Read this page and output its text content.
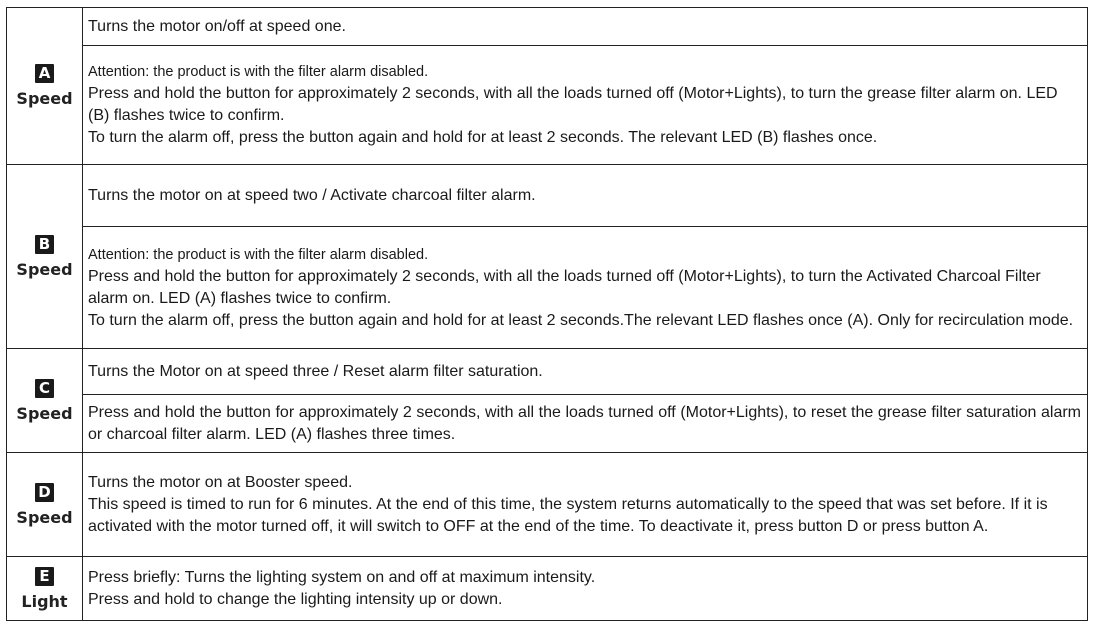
A
Speed
Turns the motor on/off at speed one.
Attention: the product is with the filter alarm disabled.
Press and hold the button for approximately 2 seconds, with all the loads turned off (Motor+Lights), to turn the grease filter alarm on. LED (B) flashes twice to confirm.
To turn the alarm off, press the button again and hold for at least 2 seconds. The relevant LED (B) flashes once.
B
Speed
Turns the motor on at speed two / Activate charcoal filter alarm.
Attention: the product is with the filter alarm disabled.
Press and hold the button for approximately 2 seconds, with all the loads turned off (Motor+Lights), to turn the Activated Charcoal Filter alarm on. LED (A) flashes twice to confirm.
To turn the alarm off, press the button again and hold for at least 2 seconds.The relevant LED flashes once (A). Only for recirculation mode.
C
Speed
Turns the Motor on at speed three / Reset alarm filter saturation.
Press and hold the button for approximately 2 seconds, with all the loads turned off (Motor+Lights), to reset the grease filter saturation alarm or charcoal filter alarm. LED (A) flashes three times.
D
Speed
Turns the motor on at Booster speed.
This speed is timed to run for 6 minutes. At the end of this time, the system returns automatically to the speed that was set before. If it is activated with the motor turned off, it will switch to OFF at the end of the time. To deactivate it, press button D or press button A.
E
Light
Press briefly: Turns the lighting system on and off at maximum intensity.
Press and hold to change the lighting intensity up or down.
